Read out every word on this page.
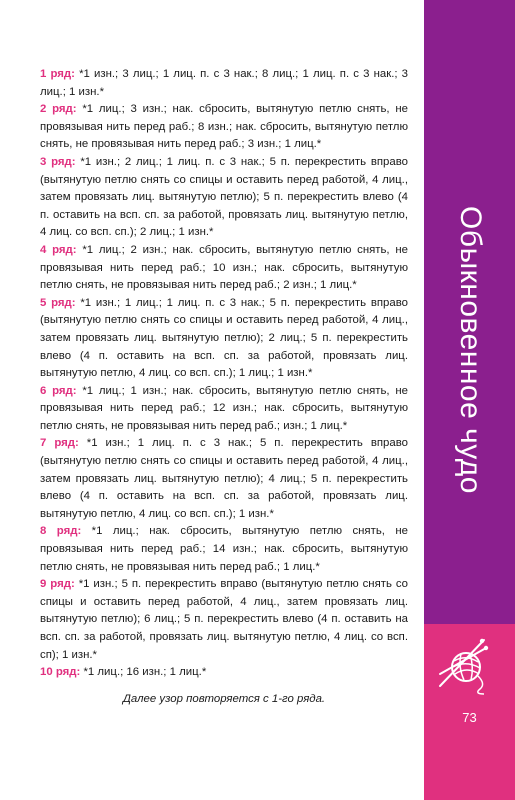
1 ряд: *1 изн.; 3 лиц.; 1 лиц. п. с 3 нак.; 8 лиц.; 1 лиц. п. с 3 нак.; 3 лиц.; 1 изн.*

2 ряд: *1 лиц.; 3 изн.; нак. сбросить, вытянутую петлю снять, не провязывая нить перед раб.; 8 изн.; нак. сбросить, вытянутую петлю снять, не провязывая нить перед раб.; 3 изн.; 1 лиц.*

3 ряд: *1 изн.; 2 лиц.; 1 лиц. п. с 3 нак.; 5 п. перекрестить вправо (вытянутую петлю снять со спицы и оставить перед работой, 4 лиц., затем провязать лиц. вытянутую петлю); 5 п. перекрестить влево (4 п. оставить на всп. сп. за работой, провязать лиц. вытянутую петлю, 4 лиц. со всп. сп.); 2 лиц.; 1 изн.*

4 ряд: *1 лиц.; 2 изн.; нак. сбросить, вытянутую петлю снять, не провязывая нить перед раб.; 10 изн.; нак. сбросить, вытянутую петлю снять, не провязывая нить перед раб.; 2 изн.; 1 лиц.*

5 ряд: *1 изн.; 1 лиц.; 1 лиц. п. с 3 нак.; 5 п. перекрестить вправо (вытянутую петлю снять со спицы и оставить перед работой, 4 лиц., затем провязать лиц. вытянутую петлю); 2 лиц.; 5 п. перекрестить влево (4 п. оставить на всп. сп. за работой, провязать лиц. вытянутую петлю, 4 лиц. со всп. сп.); 1 лиц.; 1 изн.*

6 ряд: *1 лиц.; 1 изн.; нак. сбросить, вытянутую петлю снять, не провязывая нить перед раб.; 12 изн.; нак. сбросить, вытянутую петлю снять, не провязывая нить перед раб.; изн.; 1 лиц.*

7 ряд: *1 изн.; 1 лиц. п. с 3 нак.; 5 п. перекрестить вправо (вытянутую петлю снять со спицы и оставить перед работой, 4 лиц., затем провязать лиц. вытянутую петлю); 4 лиц.; 5 п. перекрестить влево (4 п. оставить на всп. сп. за работой, провязать лиц. вытянутую петлю, 4 лиц. со всп. сп.); 1 изн.*

8 ряд: *1 лиц.; нак. сбросить, вытянутую петлю снять, не провязывая нить перед раб.; 14 изн.; нак. сбросить, вытянутую петлю снять, не провязывая нить перед раб.; 1 лиц.*

9 ряд: *1 изн.; 5 п. перекрестить вправо (вытянутую петлю снять со спицы и оставить перед работой, 4 лиц., затем провязать лиц. вытянутую петлю); 6 лиц.; 5 п. перекрестить влево (4 п. оставить на всп. сп. за работой, провязать лиц. вытянутую петлю, 4 лиц. со всп. сп); 1 изн.*

10 ряд: *1 лиц.; 16 изн.; 1 лиц.*

Далее узор повторяется с 1-го ряда.

Обыкновенное чудо
73
